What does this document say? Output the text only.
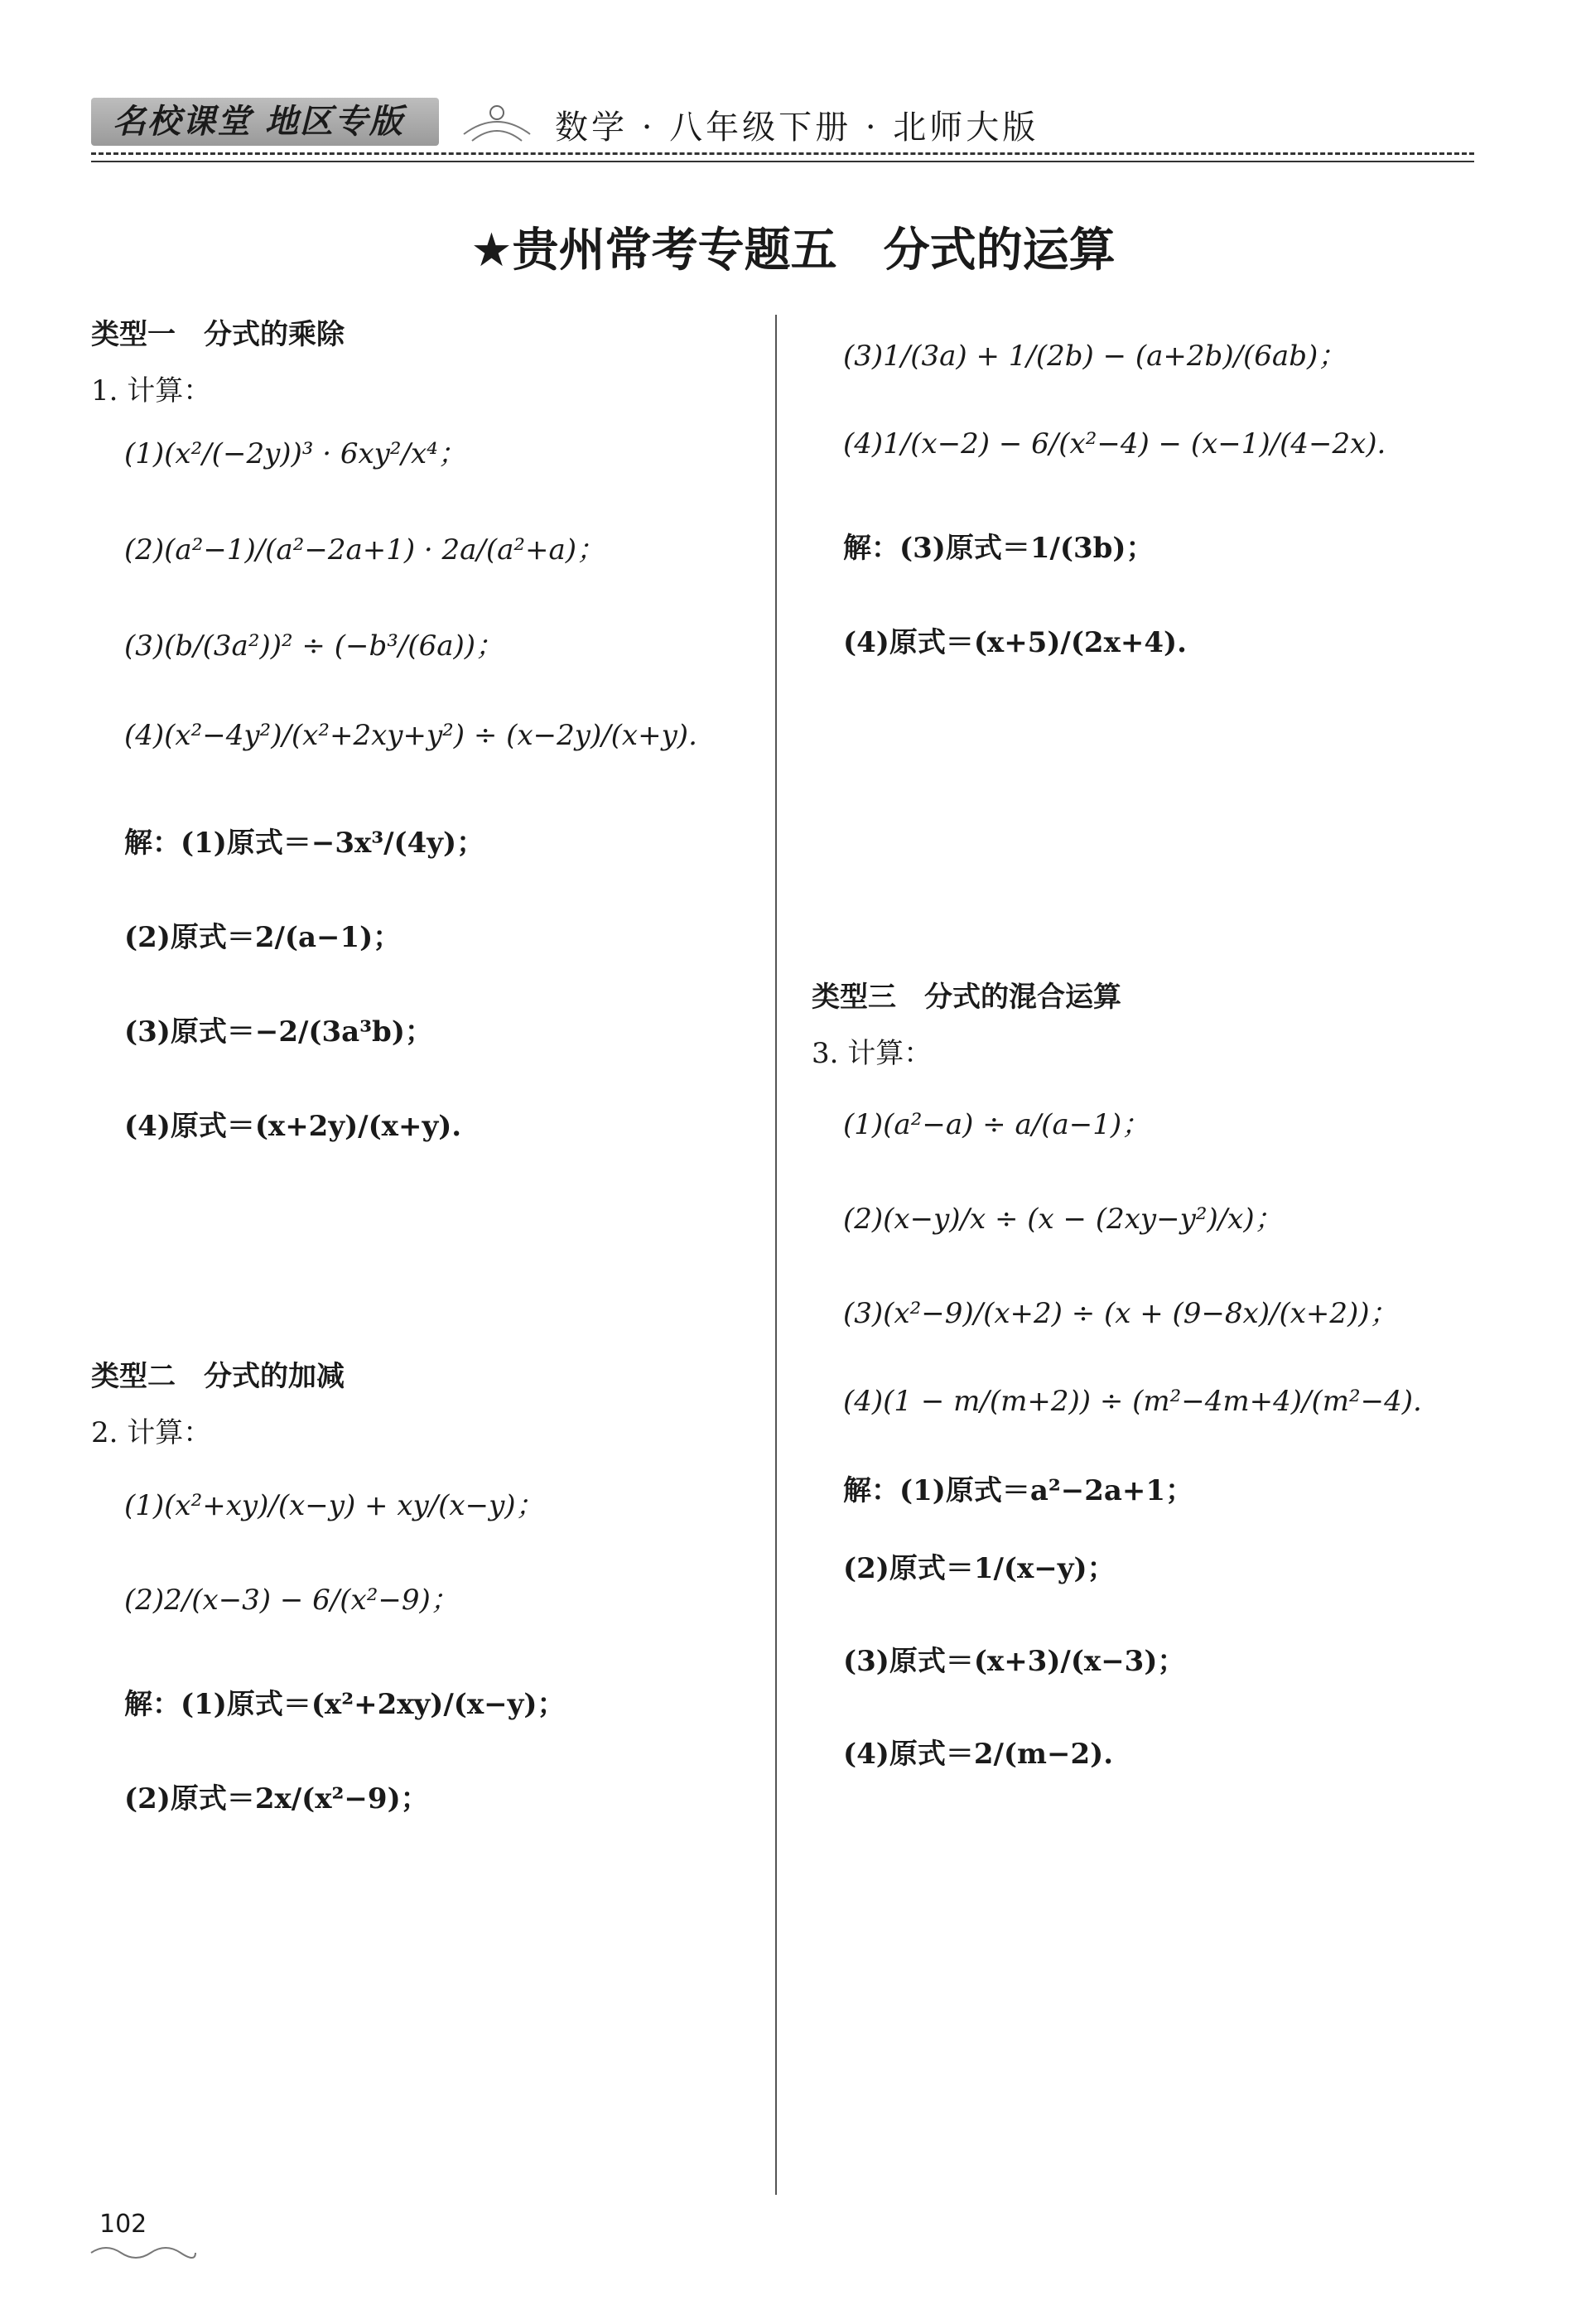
名校课堂 地区专版	数学 · 八年级下册 · 北师大版
★贵州常考专题五　分式的运算
类型一　分式的乘除
1. 计算：
(1)(x²/(−2y))³ · 6xy²/x⁴；
(2)(a²−1)/(a²−2a+1) · 2a/(a²+a)；
(3)(b/(3a²))² ÷ (−b³/(6a))；
(4)(x²−4y²)/(x²+2xy+y²) ÷ (x−2y)/(x+y).
解：(1)原式＝−3x³/(4y)；
(2)原式＝2/(a−1)；
(3)原式＝−2/(3a³b)；
(4)原式＝(x+2y)/(x+y).
类型二　分式的加减
2. 计算：
(1)(x²+xy)/(x−y) + xy/(x−y)；
(2)2/(x−3) − 6/(x²−9)；
解：(1)原式＝(x²+2xy)/(x−y)；
(2)原式＝2x/(x²−9)；
(3)1/(3a) + 1/(2b) − (a+2b)/(6ab)；
(4)1/(x−2) − 6/(x²−4) − (x−1)/(4−2x).
解：(3)原式＝1/(3b)；
(4)原式＝(x+5)/(2x+4).
类型三　分式的混合运算
3. 计算：
(1)(a²−a) ÷ a/(a−1)；
(2)(x−y)/x ÷ (x − (2xy−y²)/x)；
(3)(x²−9)/(x+2) ÷ (x + (9−8x)/(x+2))；
(4)(1 − m/(m+2)) ÷ (m²−4m+4)/(m²−4).
解：(1)原式＝a²−2a+1；
(2)原式＝1/(x−y)；
(3)原式＝(x+3)/(x−3)；
(4)原式＝2/(m−2).
102
